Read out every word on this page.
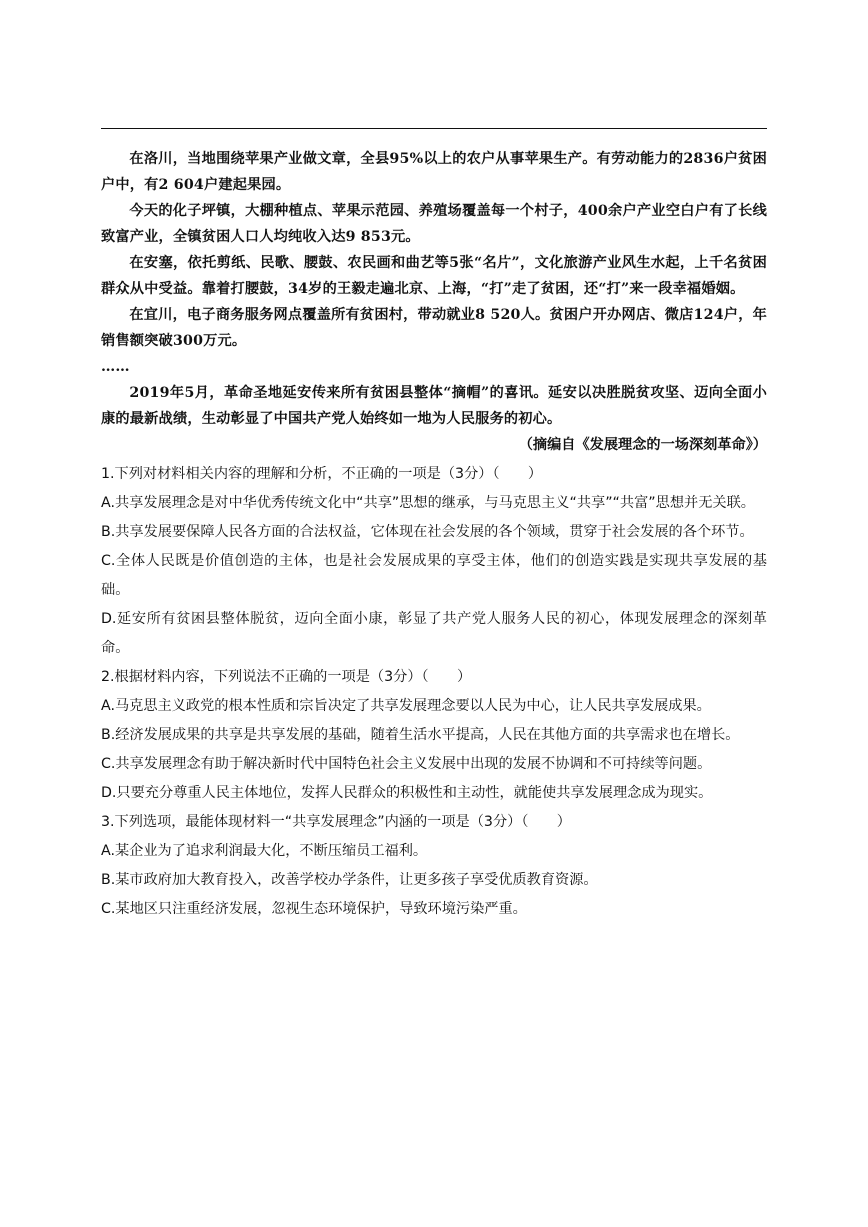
在洛川，当地围绕苹果产业做文章，全县95%以上的农户从事苹果生产。有劳动能力的2836户贫困户中，有2 604户建起果园。

今天的化子坪镇，大棚种植点、苹果示范园、养殖场覆盖每一个村子，400余户产业空白户有了长线致富产业，全镇贫困人口人均纯收入达9 853元。

在安塞，依托剪纸、民歌、腰鼓、农民画和曲艺等5张“名片”，文化旅游产业风生水起，上千名贫困群众从中受益。靠着打腰鼓，34岁的王毅走遍北京、上海，“打”走了贫困，还“打”来一段幸福婚姻。

在宜川，电子商务服务网点覆盖所有贫困村，带动就业8 520人。贫困户开办网店、微店124户，年销售额突破300万元。

……

2019年5月，革命圣地延安传来所有贫困县整体“摘帽”的喜讯。延安以决胜脱贫攻坚、迈向全面小康的最新战绩，生动彰显了中国共产党人始终如一地为人民服务的初心。

（摘编自《发展理念的一场深刻革命》）

1.下列对材料相关内容的理解和分析，不正确的一项是（3分）（　　）

A.共享发展理念是对中华优秀传统文化中“共享”思想的继承，与马克思主义“共享”“共富”思想并无关联。

B.共享发展要保障人民各方面的合法权益，它体现在社会发展的各个领域，贯穿于社会发展的各个环节。

C.全体人民既是价值创造的主体，也是社会发展成果的享受主体，他们的创造实践是实现共享发展的基础。

D.延安所有贫困县整体脱贫，迈向全面小康，彰显了共产党人服务人民的初心，体现发展理念的深刻革命。

2.根据材料内容，下列说法不正确的一项是（3分）（　　）

A.马克思主义政党的根本性质和宗旨决定了共享发展理念要以人民为中心，让人民共享发展成果。

B.经济发展成果的共享是共享发展的基础，随着生活水平提高，人民在其他方面的共享需求也在增长。

C.共享发展理念有助于解决新时代中国特色社会主义发展中出现的发展不协调和不可持续等问题。

D.只要充分尊重人民主体地位，发挥人民群众的积极性和主动性，就能使共享发展理念成为现实。

3.下列选项，最能体现材料一“共享发展理念”内涵的一项是（3分）（　　）

A.某企业为了追求利润最大化，不断压缩员工福利。

B.某市政府加大教育投入，改善学校办学条件，让更多孩子享受优质教育资源。

C.某地区只注重经济发展，忽视生态环境保护，导致环境污染严重。
